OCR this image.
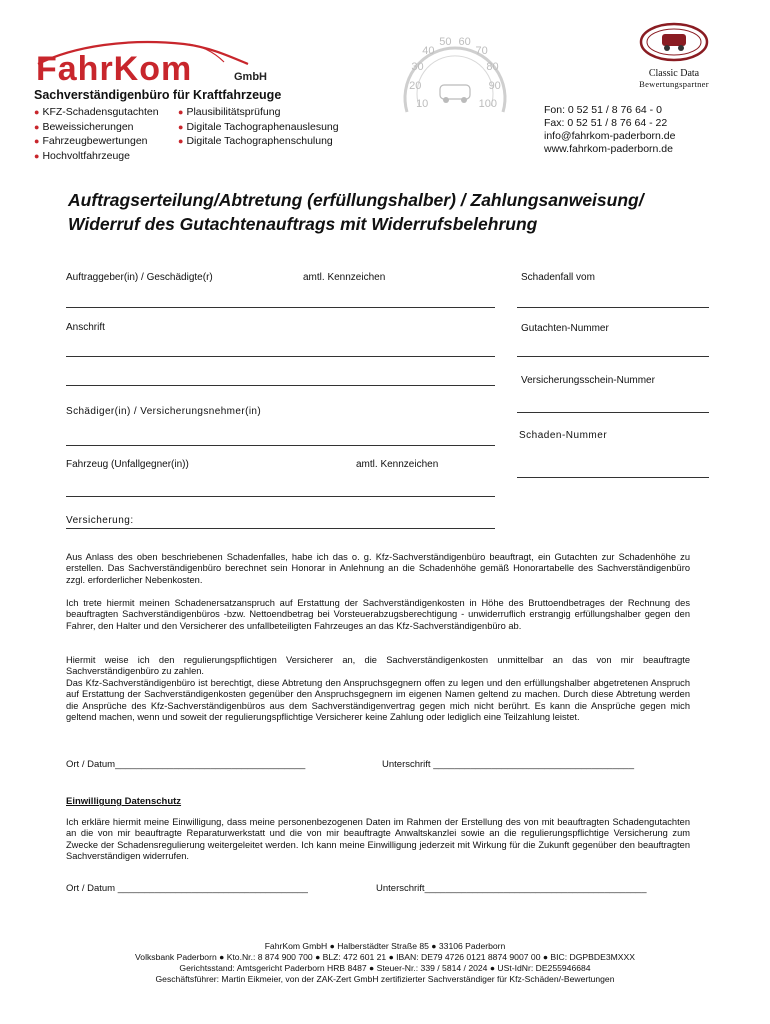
FahrKom	GmbH
10
20
30
40
50 60
70
80
90
100
Classic Data
Bewertungspartner
Sachverständigenbüro für Kraftfahrzeuge
● KFZ-Schadensgutachten
● Beweissicherungen
● Fahrzeugbewertungen
● Hochvoltfahrzeuge
● Plausibilitätsprüfung
● Digitale Tachographenauslesung
● Digitale Tachographenschulung
Fon: 0 52 51 / 8 76 64 - 0
Fax: 0 52 51 / 8 76 64 - 22
info@fahrkom-paderborn.de
www.fahrkom-paderborn.de
Auftragserteilung/Abtretung (erfüllungshalber) / Zahlungsanweisung/
Widerruf des Gutachtenauftrags mit Widerrufsbelehrung
Auftraggeber(in) / Geschädigte(r)	amtl. Kennzeichen	Schadenfall vom
Anschrift	Gutachten-Nummer
Versicherungsschein-Nummer
Schädiger(in) / Versicherungsnehmer(in)
Schaden-Nummer
Fahrzeug (Unfallgegner(in))	amtl. Kennzeichen
Versicherung:
Aus Anlass des oben beschriebenen Schadenfalles, habe ich das o. g. Kfz-Sachverständigenbüro beauftragt, ein Gutachten zur Schadenhöhe zu erstellen. Das Sachverständigenbüro berechnet sein Honorar in Anlehnung an die Schadenhöhe gemäß Honorartabelle des Sachverständigenbüro zzgl. erforderlicher Nebenkosten.
Ich trete hiermit meinen Schadenersatzanspruch auf Erstattung der Sachverständigenkosten in Höhe des Bruttoendbetrages der Rechnung des beauftragten Sachverständigenbüros -bzw. Nettoendbetrag bei Vorsteuerabzugsberechtigung - unwiderruflich erstrangig erfüllungshalber gegen den Fahrer, den Halter und den Versicherer des unfallbeteiligten Fahrzeuges an das Kfz-Sachverständigenbüro ab.
Hiermit weise ich den regulierungspflichtigen Versicherer an, die Sachverständigenkosten unmittelbar an das von mir beauftragte Sachverständigenbüro zu zahlen.
Das Kfz-Sachverständigenbüro ist berechtigt, diese Abtretung den Anspruchsgegnern offen zu legen und den erfüllungshalber abgetretenen Anspruch auf Erstattung der Sachverständigenkosten gegenüber den Anspruchsgegnern im eigenen Namen geltend zu machen. Durch diese Abtretung werden die Ansprüche des Kfz-Sachverständigenbüros aus dem Sachverständigenvertrag gegen mich nicht berührt. Es kann die Ansprüche gegen mich geltend machen, wenn und soweit der regulierungspflichtige Versicherer keine Zahlung oder lediglich eine Teilzahlung leistet.
Ort / Datum____________________________________	Unterschrift ______________________________________
Einwilligung Datenschutz
Ich erkläre hiermit meine Einwilligung, dass meine personenbezogenen Daten im Rahmen der Erstellung des von mit beauftragten Schadengutachten an die von mir beauftragte Reparaturwerkstatt und die von mir beauftragte Anwaltskanzlei sowie an die regulierungspflichtige Versicherung zum Zwecke der Schadensregulierung weitergeleitet werden. Ich kann meine Einwilligung jederzeit mit Wirkung für die Zukunft gegenüber den beauftragten Sachverständigen widerrufen.
Ort / Datum ____________________________________	Unterschrift__________________________________________
FahrKom GmbH ● Halberstädter Straße 85 ● 33106 Paderborn
Volksbank Paderborn ● Kto.Nr.: 8 874 900 700 ● BLZ: 472 601 21 ● IBAN: DE79 4726 0121 8874 9007 00 ● BIC: DGPBDE3MXXX
Gerichtsstand: Amtsgericht Paderborn HRB 8487 ● Steuer-Nr.: 339 / 5814 / 2024 ● USt-IdNr: DE255946684
Geschäftsführer: Martin Eikmeier, von der ZAK-Zert GmbH zertifizierter Sachverständiger für Kfz-Schäden/-Bewertungen
